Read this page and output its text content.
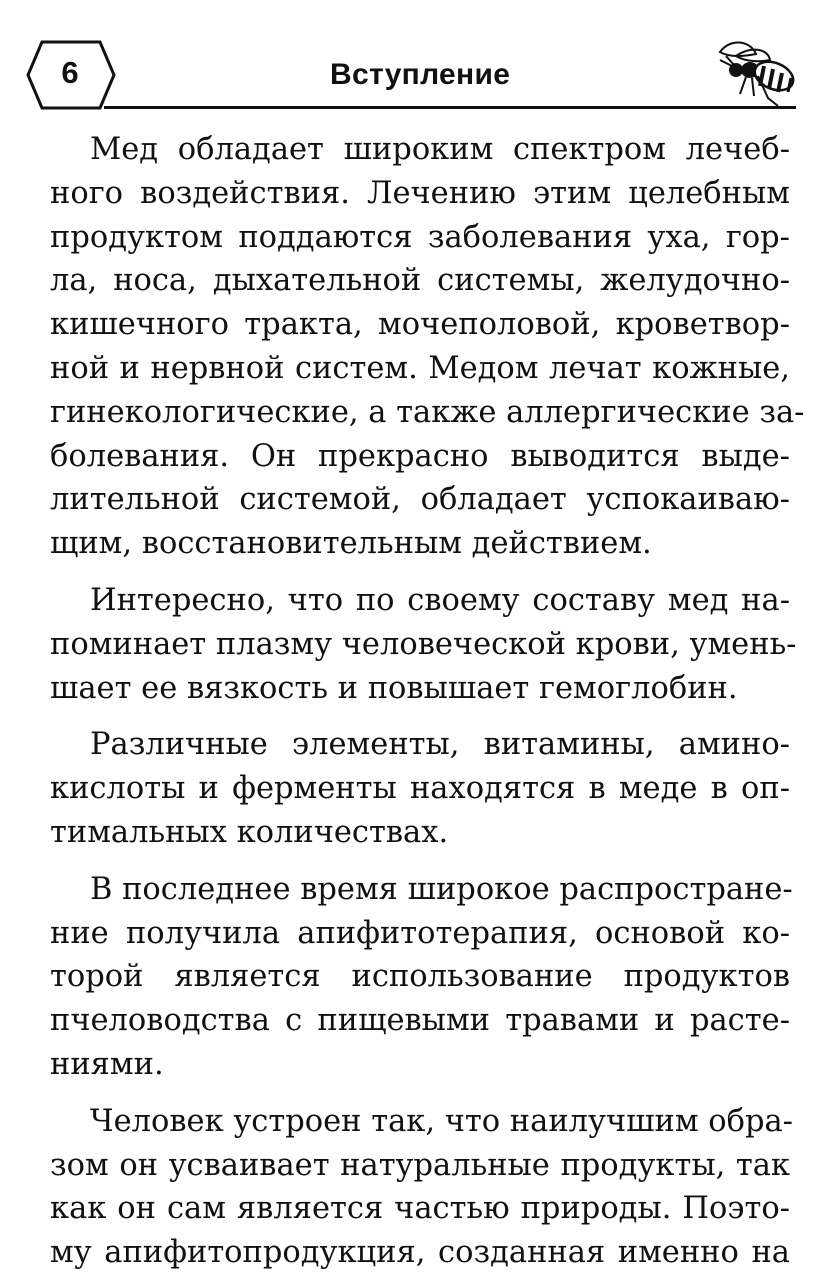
6	Вступление

Мед обладает широким спектром лечеб-
ного воздействия. Лечению этим целебным
продуктом поддаются заболевания уха, гор-
ла, носа, дыхательной системы, желудочно-
кишечного тракта, мочеполовой, кроветвор-
ной и нервной систем. Медом лечат кожные,
гинекологические, а также аллергические за-
болевания. Он прекрасно выводится выде-
лительной системой, обладает успокаиваю-
щим, восстановительным действием.

Интересно, что по своему составу мед на-
поминает плазму человеческой крови, умень-
шает ее вязкость и повышает гемоглобин.

Различные элементы, витамины, амино-
кислоты и ферменты находятся в меде в оп-
тимальных количествах.

В последнее время широкое распростране-
ние получила апифитотерапия, основой ко-
торой является использование продуктов
пчеловодства с пищевыми травами и расте-
ниями.

Человек устроен так, что наилучшим обра-
зом он усваивает натуральные продукты, так
как он сам является частью природы. Поэто-
му апифитопродукция, созданная именно на
